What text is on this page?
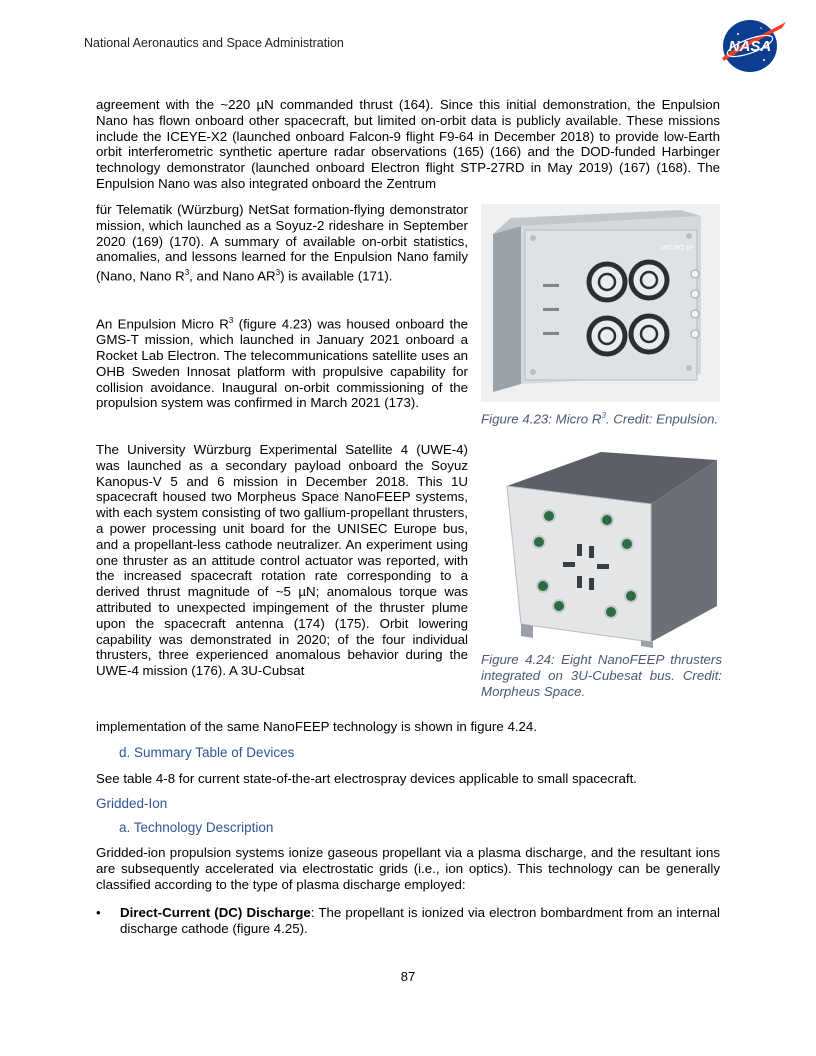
National Aeronautics and Space Administration	NASA

agreement with the ~220 µN commanded thrust (164). Since this initial demonstration, the Enpulsion Nano has flown onboard other spacecraft, but limited on-orbit data is publicly available. These missions include the ICEYE-X2 (launched onboard Falcon-9 flight F9-64 in December 2018) to provide low-Earth orbit interferometric synthetic aperture radar observations (165) (166) and the DOD-funded Harbinger technology demonstrator (launched onboard Electron flight STP-27RD in May 2019) (167) (168). The Enpulsion Nano was also integrated onboard the Zentrum

für Telematik (Würzburg) NetSat formation-flying demonstrator mission, which launched as a Soyuz-2 rideshare in September 2020 (169) (170). A summary of available on-orbit statistics, anomalies, and lessons learned for the Enpulsion Nano family (Nano, Nano $R^3$, and Nano $AR^3$) is available (171).

An Enpulsion Micro $R^3$ (figure 4.23) was housed onboard the GMS-T mission, which launched in January 2021 onboard a Rocket Lab Electron. The telecommunications satellite uses an OHB Sweden Innosat platform with propulsive capability for collision avoidance. Inaugural on-orbit commissioning of the propulsion system was confirmed in March 2021 (173).

The University Würzburg Experimental Satellite 4 (UWE-4) was launched as a secondary payload onboard the Soyuz Kanopus-V 5 and 6 mission in December 2018. This 1U spacecraft housed two Morpheus Space NanoFEEP systems, with each system consisting of two gallium-propellant thrusters, a power processing unit board for the UNISEC Europe bus, and a propellant-less cathode neutralizer. An experiment using one thruster as an attitude control actuator was reported, with the increased spacecraft rotation rate corresponding to a derived thrust magnitude of ~5 µN; anomalous torque was attributed to unexpected impingement of the thruster plume upon the spacecraft antenna (174) (175). Orbit lowering capability was demonstrated in 2020; of the four individual thrusters, three experienced anomalous behavior during the UWE-4 mission (176). A 3U-Cubsat

implementation of the same NanoFEEP technology is shown in figure 4.24.

MICRO R³
Figure 4.23: Micro $R^3$. Credit: Enpulsion.
Figure 4.24: Eight NanoFEEP thrusters integrated on 3U-Cubesat bus. Credit: Morpheus Space.
d. Summary Table of Devices

See table 4-8 for current state-of-the-art electrospray devices applicable to small spacecraft.

Gridded-Ion
a. Technology Description

Gridded-ion propulsion systems ionize gaseous propellant via a plasma discharge, and the resultant ions are subsequently accelerated via electrostatic grids (i.e., ion optics). This technology can be generally classified according to the type of plasma discharge employed:

• Direct-Current (DC) Discharge: The propellant is ionized via electron bombardment from an internal discharge cathode (figure 4.25).
87
